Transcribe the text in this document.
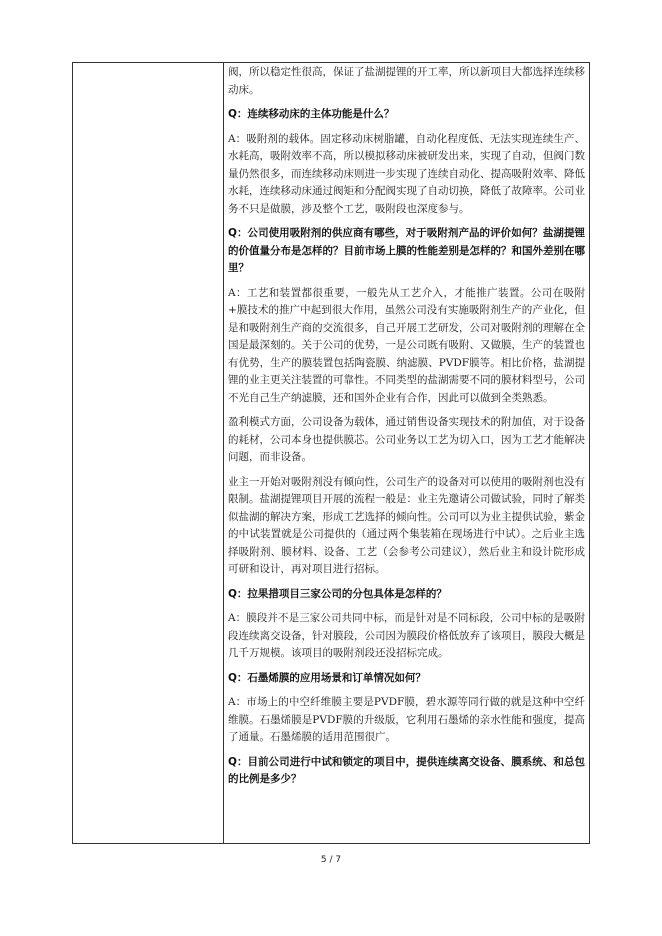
阀，所以稳定性很高，保证了盐湖提锂的开工率，所以新项目大都选择连续移动床。

Q：连续移动床的主体功能是什么？

A：吸附剂的载体。固定移动床树脂罐，自动化程度低、无法实现连续生产、水耗高，吸附效率不高，所以模拟移动床被研发出来，实现了自动，但阀门数量仍然很多，而连续移动床则进一步实现了连续自动化、提高吸附效率、降低水耗，连续移动床通过阀矩和分配阀实现了自动切换，降低了故障率。公司业务不只是做膜，涉及整个工艺，吸附段也深度参与。

Q：公司使用吸附剂的供应商有哪些，对于吸附剂产品的评价如何？盐湖提锂的价值量分布是怎样的？目前市场上膜的性能差别是怎样的？和国外差别在哪里？

A：工艺和装置都很重要，一般先从工艺介入，才能推广装置。公司在吸附+膜技术的推广中起到很大作用，虽然公司没有实施吸附剂生产的产业化，但是和吸附剂生产商的交流很多，自己开展工艺研发，公司对吸附剂的理解在全国是最深刻的。关于公司的优势，一是公司既有吸附、又做膜，生产的装置也有优势，生产的膜装置包括陶瓷膜、纳滤膜、PVDF膜等。相比价格，盐湖提锂的业主更关注装置的可靠性。不同类型的盐湖需要不同的膜材料型号，公司不光自己生产纳滤膜，还和国外企业有合作，因此可以做到全类熟悉。

盈利模式方面，公司设备为载体，通过销售设备实现技术的附加值，对于设备的耗材，公司本身也提供膜芯。公司业务以工艺为切入口，因为工艺才能解决问题，而非设备。

业主一开始对吸附剂没有倾向性，公司生产的设备对可以使用的吸附剂也没有限制。盐湖提锂项目开展的流程一般是：业主先邀请公司做试验，同时了解类似盐湖的解决方案，形成工艺选择的倾向性。公司可以为业主提供试验，紫金的中试装置就是公司提供的（通过两个集装箱在现场进行中试）。之后业主选择吸附剂、膜材料、设备、工艺（会参考公司建议），然后业主和设计院形成可研和设计，再对项目进行招标。

Q：拉果措项目三家公司的分包具体是怎样的？

A：膜段并不是三家公司共同中标，而是针对是不同标段，公司中标的是吸附段连续离交设备，针对膜段，公司因为膜段价格低放弃了该项目，膜段大概是几千万规模。该项目的吸附剂段还没招标完成。

Q：石墨烯膜的应用场景和订单情况如何？

A：市场上的中空纤维膜主要是PVDF膜，碧水源等同行做的就是这种中空纤维膜。石墨烯膜是PVDF膜的升级版，它利用石墨烯的亲水性能和强度，提高了通量。石墨烯膜的适用范围很广。

Q：目前公司进行中试和锁定的项目中，提供连续离交设备、膜系统、和总包的比例是多少？

5 / 7
